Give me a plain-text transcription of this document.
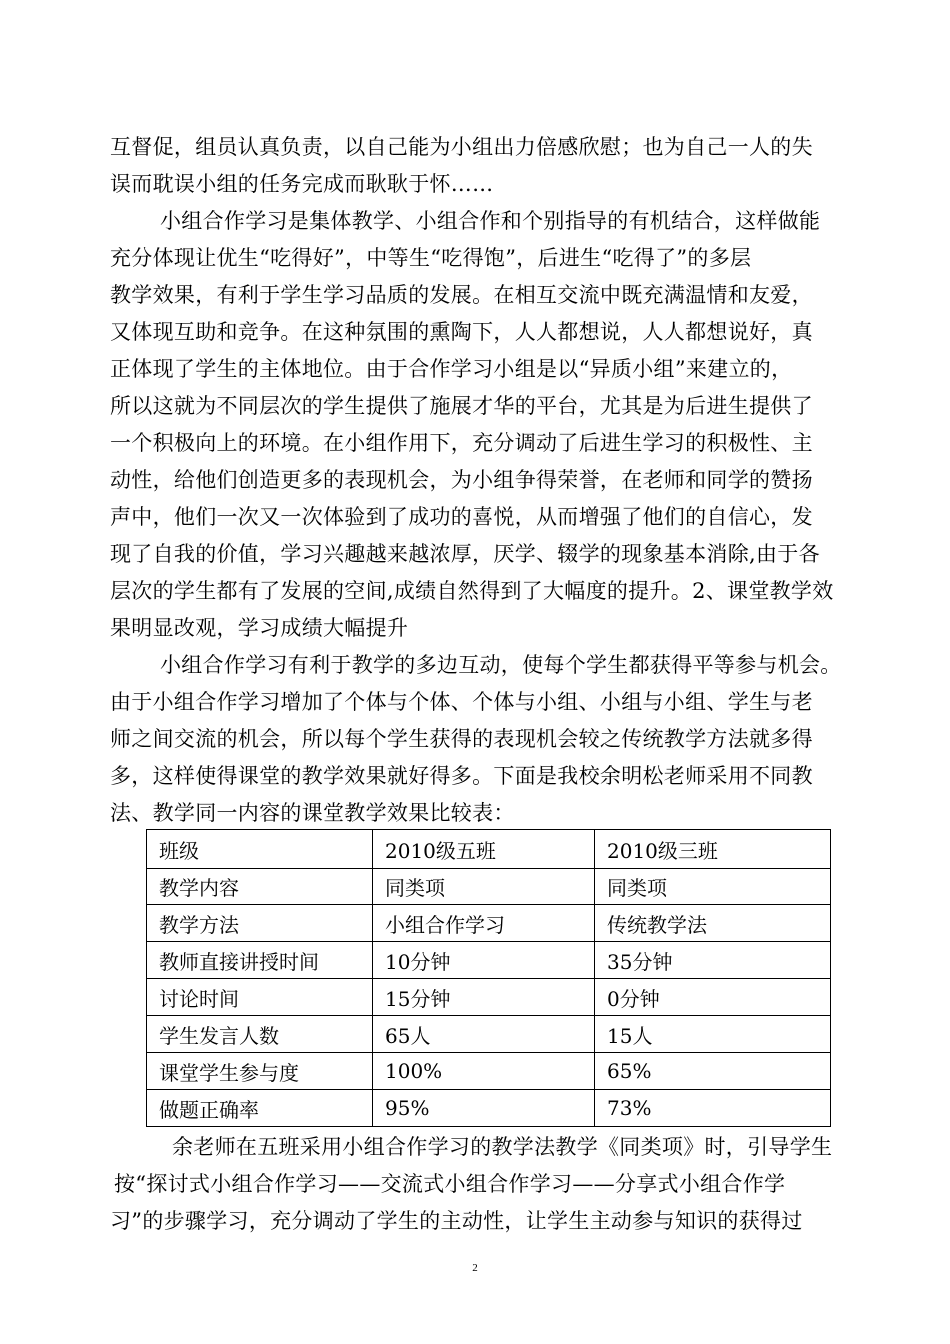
互督促，组员认真负责，以自己能为小组出力倍感欣慰；也为自己一人的失
误而耽误小组的任务完成而耿耿于怀……
小组合作学习是集体教学、小组合作和个别指导的有机结合，这样做能
充分体现让优生“吃得好”，中等生“吃得饱”，后进生“吃得了”的多层
教学效果，有利于学生学习品质的发展。在相互交流中既充满温情和友爱，
又体现互助和竞争。在这种氛围的熏陶下，人人都想说，人人都想说好，真
正体现了学生的主体地位。由于合作学习小组是以“异质小组”来建立的，
所以这就为不同层次的学生提供了施展才华的平台，尤其是为后进生提供了
一个积极向上的环境。在小组作用下，充分调动了后进生学习的积极性、主
动性，给他们创造更多的表现机会，为小组争得荣誉，在老师和同学的赞扬
声中，他们一次又一次体验到了成功的喜悦，从而增强了他们的自信心，发
现了自我的价值，学习兴趣越来越浓厚，厌学、辍学的现象基本消除,由于各
层次的学生都有了发展的空间,成绩自然得到了大幅度的提升。2、课堂教学效
果明显改观，学习成绩大幅提升
小组合作学习有利于教学的多边互动，使每个学生都获得平等参与机会。
由于小组合作学习增加了个体与个体、个体与小组、小组与小组、学生与老
师之间交流的机会，所以每个学生获得的表现机会较之传统教学方法就多得
多，这样使得课堂的教学效果就好得多。下面是我校余明松老师采用不同教
法、教学同一内容的课堂教学效果比较表：
班级	2010级五班	2010级三班
教学内容	同类项	同类项
教学方法	小组合作学习	传统教学法
教师直接讲授时间	10分钟	35分钟
讨论时间	15分钟	0分钟
学生发言人数	65人	15人
课堂学生参与度	100%	65%
做题正确率	95%	73%
余老师在五班采用小组合作学习的教学法教学《同类项》时，引导学生
按“探讨式小组合作学习——交流式小组合作学习——分享式小组合作学
习”的步骤学习，充分调动了学生的主动性，让学生主动参与知识的获得过
2
